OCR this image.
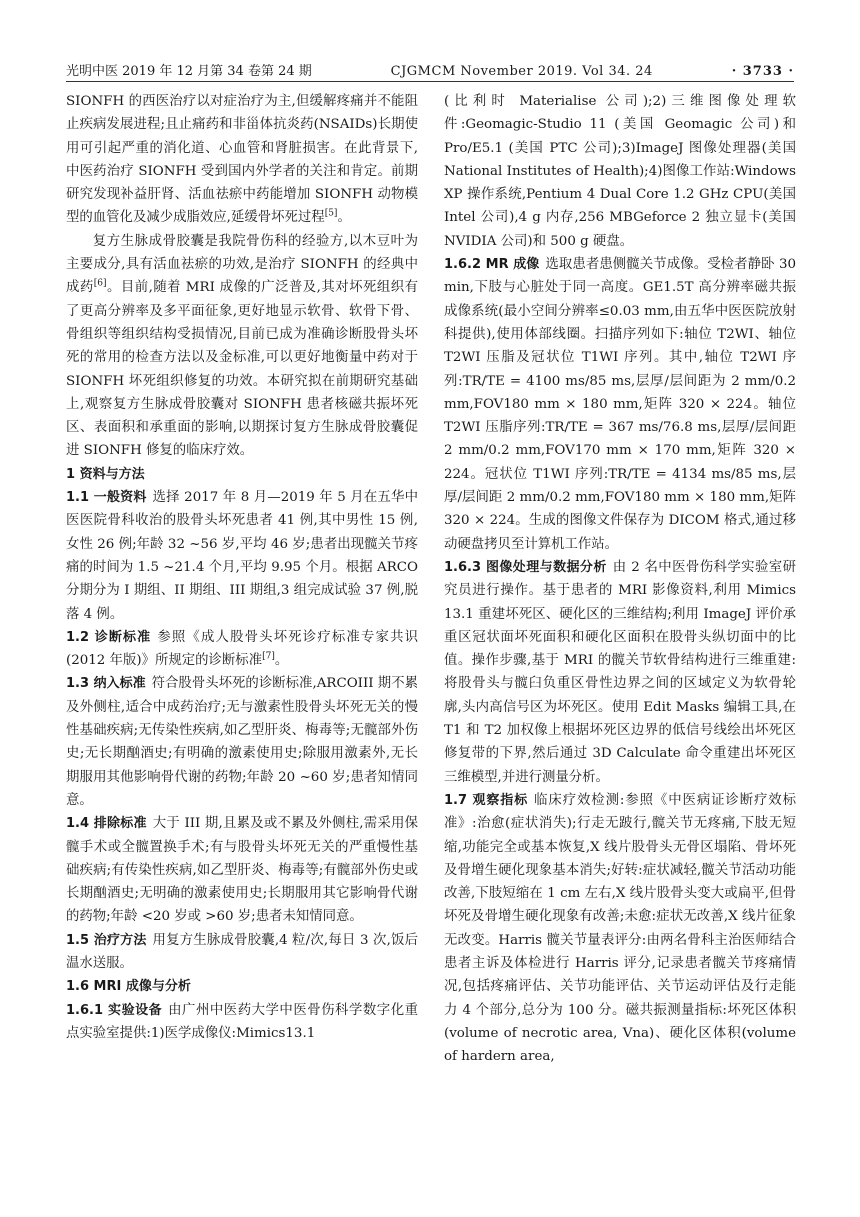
光明中医 2019 年 12 月第 34 卷第 24 期	CJGMCM November 2019. Vol 34. 24	· 3733 ·

SIONFH 的西医治疗以对症治疗为主,但缓解疼痛并不能阻止疾病发展进程;且止痛药和非甾体抗炎药(NSAIDs)长期使用可引起严重的消化道、心血管和肾脏损害。在此背景下,中医药治疗 SIONFH 受到国内外学者的关注和肯定。前期研究发现补益肝肾、活血祛瘀中药能增加 SIONFH 动物模型的血管化及减少成脂效应,延缓骨坏死过程[5]。

复方生脉成骨胶囊是我院骨伤科的经验方,以木豆叶为主要成分,具有活血祛瘀的功效,是治疗 SIONFH 的经典中成药[6]。目前,随着 MRI 成像的广泛普及,其对坏死组织有了更高分辨率及多平面征象,更好地显示软骨、软骨下骨、骨组织等组织结构受损情况,目前已成为准确诊断股骨头坏死的常用的检查方法以及金标准,可以更好地衡量中药对于 SIONFH 坏死组织修复的功效。本研究拟在前期研究基础上,观察复方生脉成骨胶囊对 SIONFH 患者核磁共振坏死区、表面积和承重面的影响,以期探讨复方生脉成骨胶囊促进 SIONFH 修复的临床疗效。

1 资料与方法

1.1 一般资料 选择 2017 年 8 月—2019 年 5 月在五华中医医院骨科收治的股骨头坏死患者 41 例,其中男性 15 例,女性 26 例;年龄 32 ~56 岁,平均 46 岁;患者出现髋关节疼痛的时间为 1.5 ~21.4 个月,平均 9.95 个月。根据 ARCO 分期分为 I 期组、II 期组、III 期组,3 组完成试验 37 例,脱落 4 例。

1.2 诊断标准 参照《成人股骨头坏死诊疗标准专家共识(2012 年版)》所规定的诊断标准[7]。

1.3 纳入标准 符合股骨头坏死的诊断标准,ARCOIII 期不累及外侧柱,适合中成药治疗;无与激素性股骨头坏死无关的慢性基础疾病;无传染性疾病,如乙型肝炎、梅毒等;无髋部外伤史;无长期酗酒史;有明确的激素使用史;除服用激素外,无长期服用其他影响骨代谢的药物;年龄 20 ~60 岁;患者知情同意。

1.4 排除标准 大于 III 期,且累及或不累及外侧柱,需采用保髋手术或全髋置换手术;有与股骨头坏死无关的严重慢性基础疾病;有传染性疾病,如乙型肝炎、梅毒等;有髋部外伤史或长期酗酒史;无明确的激素使用史;长期服用其它影响骨代谢的药物;年龄 <20 岁或 >60 岁;患者未知情同意。

1.5 治疗方法 用复方生脉成骨胶囊,4 粒/次,每日 3 次,饭后温水送服。

1.6 MRI 成像与分析

1.6.1 实验设备 由广州中医药大学中医骨伤科学数字化重点实验室提供:1)医学成像仪:Mimics13.1

(比利时 Materialise 公司);2)三维图像处理软件:Geomagic-Studio 11 (美国 Geomagic 公司)和 Pro/E5.1 (美国 PTC 公司);3)ImageJ 图像处理器(美国 National Institutes of Health);4)图像工作站:Windows XP 操作系统,Pentium 4 Dual Core 1.2 GHz CPU(美国 Intel 公司),4 g 内存,256 MBGeforce 2 独立显卡(美国 NVIDIA 公司)和 500 g 硬盘。

1.6.2 MR 成像 选取患者患侧髋关节成像。受检者静卧 30 min,下肢与心脏处于同一高度。GE1.5T 高分辨率磁共振成像系统(最小空间分辨率≤0.03 mm,由五华中医医院放射科提供),使用体部线圈。扫描序列如下:轴位 T2WI、轴位 T2WI 压脂及冠状位 T1WI 序列。其中,轴位 T2WI 序列:TR/TE = 4100 ms/85 ms,层厚/层间距为 2 mm/0.2 mm,FOV180 mm × 180 mm,矩阵 320 × 224。轴位 T2WI 压脂序列:TR/TE = 367 ms/76.8 ms,层厚/层间距 2 mm/0.2 mm,FOV170 mm × 170 mm,矩阵 320 × 224。冠状位 T1WI 序列:TR/TE = 4134 ms/85 ms,层厚/层间距 2 mm/0.2 mm,FOV180 mm × 180 mm,矩阵 320 × 224。生成的图像文件保存为 DICOM 格式,通过移动硬盘拷贝至计算机工作站。

1.6.3 图像处理与数据分析 由 2 名中医骨伤科学实验室研究员进行操作。基于患者的 MRI 影像资料,利用 Mimics 13.1 重建坏死区、硬化区的三维结构;利用 ImageJ 评价承重区冠状面坏死面积和硬化区面积在股骨头纵切面中的比值。操作步骤,基于 MRI 的髋关节软骨结构进行三维重建:将股骨头与髋臼负重区骨性边界之间的区域定义为软骨轮廓,头内高信号区为坏死区。使用 Edit Masks 编辑工具,在 T1 和 T2 加权像上根据坏死区边界的低信号线绘出坏死区修复带的下界,然后通过 3D Calculate 命令重建出坏死区三维模型,并进行测量分析。

1.7 观察指标 临床疗效检测:参照《中医病证诊断疗效标准》:治愈(症状消失);行走无跛行,髋关节无疼痛,下肢无短缩,功能完全或基本恢复,X 线片股骨头无骨区塌陷、骨坏死及骨增生硬化现象基本消失;好转:症状减轻,髋关节活动功能改善,下肢短缩在 1 cm 左右,X 线片股骨头变大或扁平,但骨坏死及骨增生硬化现象有改善;未愈:症状无改善,X 线片征象无改变。Harris 髋关节量表评分:由两名骨科主治医师结合患者主诉及体检进行 Harris 评分,记录患者髋关节疼痛情况,包括疼痛评估、关节功能评估、关节运动评估及行走能力 4 个部分,总分为 100 分。磁共振测量指标:坏死区体积(volume of necrotic area, Vna)、硬化区体积(volume of hardern area,
